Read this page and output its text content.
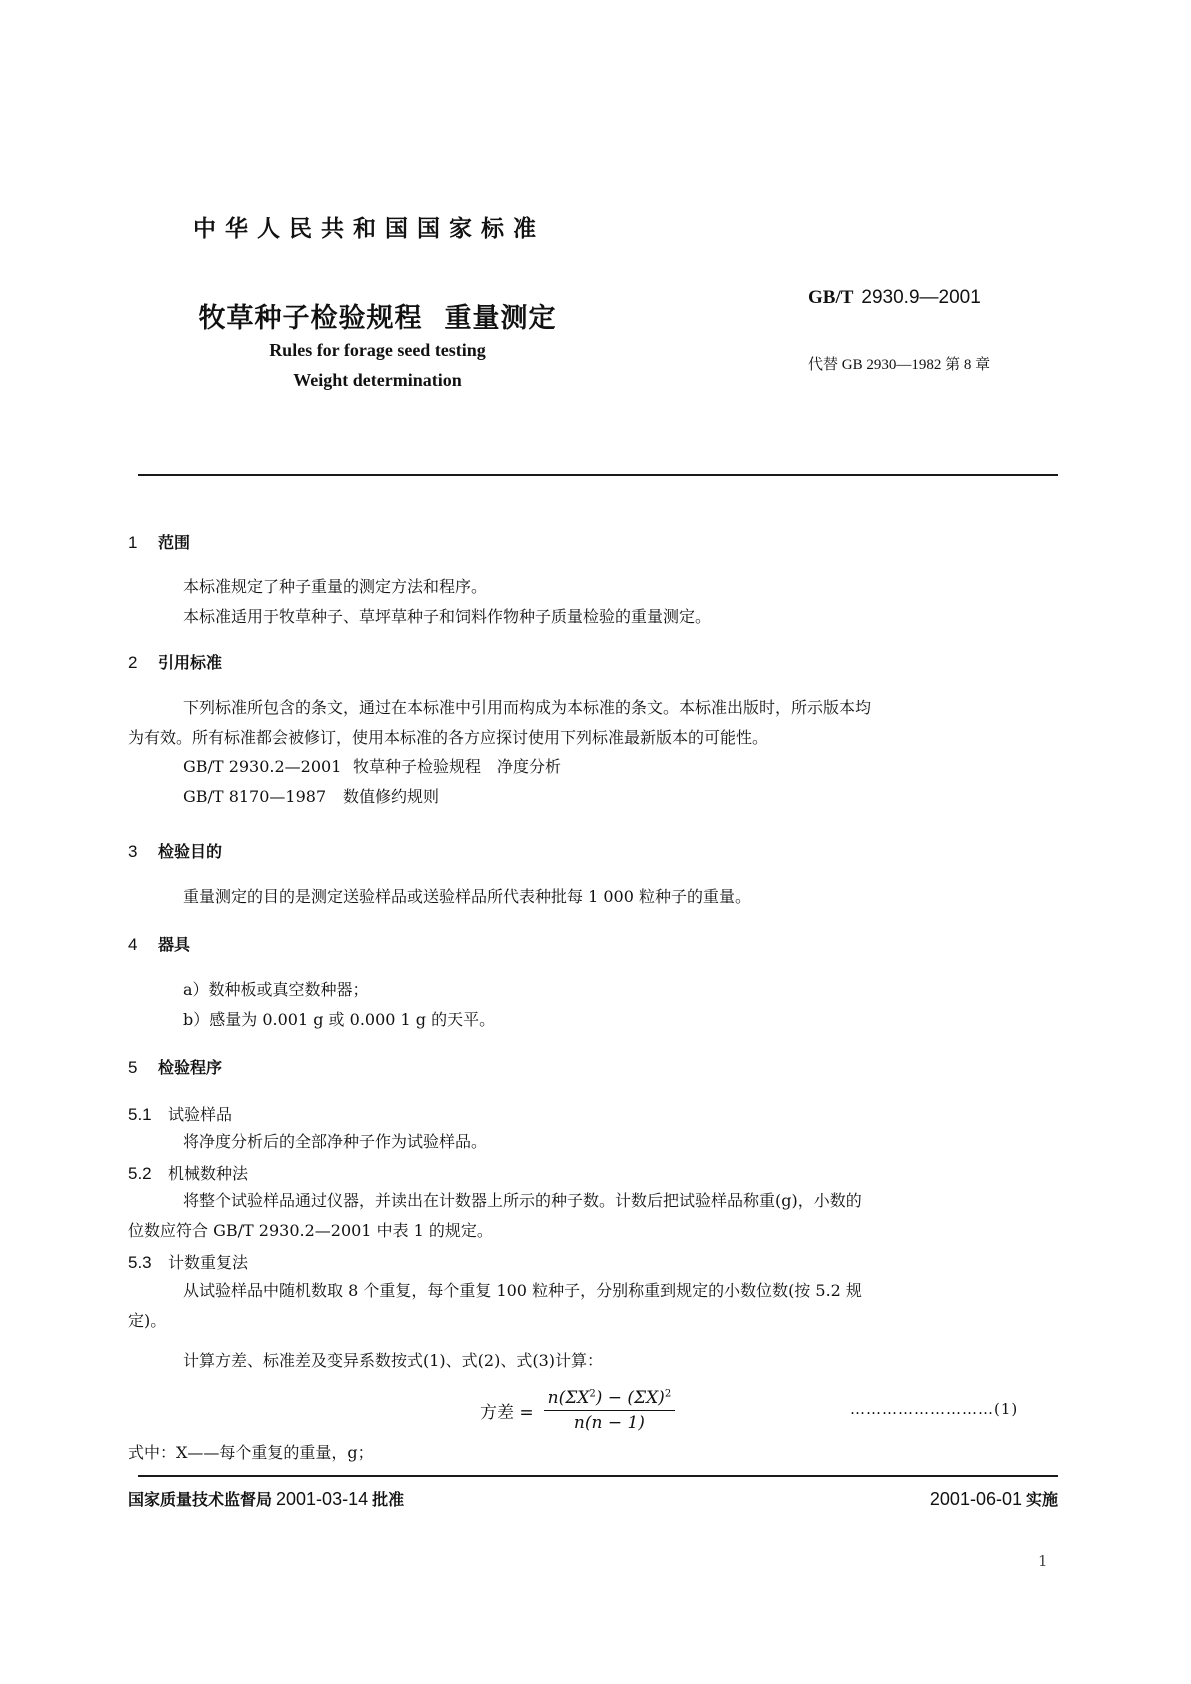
中华人民共和国国家标准
牧草种子检验规程 重量测定
Rules for forage seed testing
Weight determination
GB/T 2930.9—2001
代替 GB 2930—1982 第 8 章
1 范围
本标准规定了种子重量的测定方法和程序。
本标准适用于牧草种子、草坪草种子和饲料作物种子质量检验的重量测定。
2 引用标准
下列标准所包含的条文，通过在本标准中引用而构成为本标准的条文。本标准出版时，所示版本均
为有效。所有标准都会被修订，使用本标准的各方应探讨使用下列标准最新版本的可能性。
GB/T 2930.2—2001 牧草种子检验规程　净度分析
GB/T 8170—1987 数值修约规则
3 检验目的
重量测定的目的是测定送验样品或送验样品所代表种批每 1 000 粒种子的重量。
4 器具
a）数种板或真空数种器；
b）感量为 0.001 g 或 0.000 1 g 的天平。
5 检验程序
5.1 试验样品
将净度分析后的全部净种子作为试验样品。
5.2 机械数种法
将整个试验样品通过仪器，并读出在计数器上所示的种子数。计数后把试验样品称重(g)，小数的
位数应符合 GB/T 2930.2—2001 中表 1 的规定。
5.3 计数重复法
从试验样品中随机数取 8 个重复，每个重复 100 粒种子，分别称重到规定的小数位数(按 5.2 规
定)。
计算方差、标准差及变异系数按式(1)、式(2)、式(3)计算：
方差 = $\frac{n(\Sigma X^2) - (\Sigma X)^2}{n(n - 1)}$	………………………(1)
式中：X——每个重复的重量，g；
国家质量技术监督局 2001-03-14 批准	2001-06-01 实施
1
